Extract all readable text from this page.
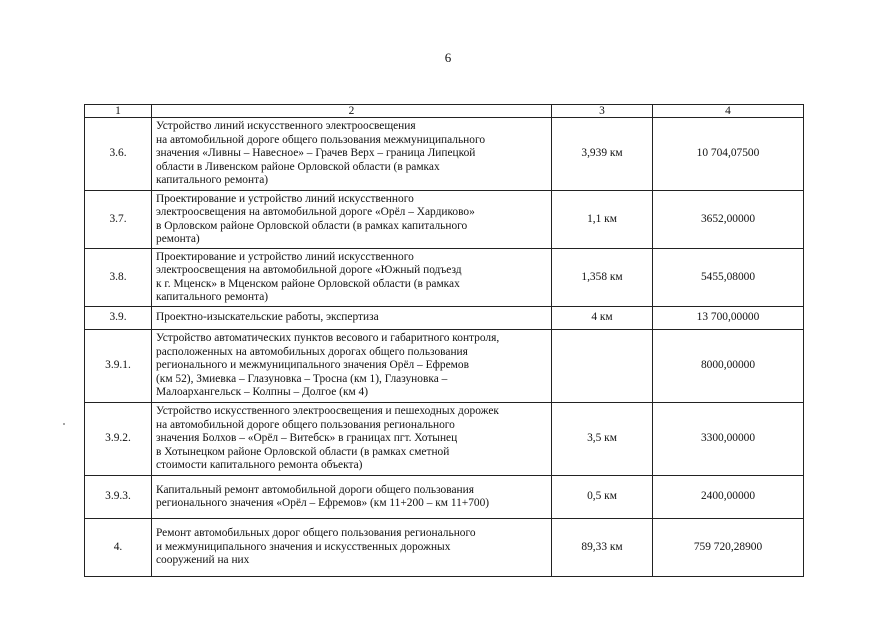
6
1	2	3	4
3.6.	Устройство линий искусственного электроосвещения
на автомобильной дороге общего пользования межмуниципального
значения «Ливны – Навесное» – Грачев Верх – граница Липецкой
области в Ливенском районе Орловской области (в рамках
капитального ремонта)	3,939 км	10 704,07500
3.7.	Проектирование и устройство линий искусственного
электроосвещения на автомобильной дороге «Орёл – Хардиково»
в Орловском районе Орловской области (в рамках капитального
ремонта)	1,1 км	3652,00000
3.8.	Проектирование и устройство линий искусственного
электроосвещения на автомобильной дороге «Южный подъезд
к г. Мценск» в Мценском районе Орловской области (в рамках
капитального ремонта)	1,358 км	5455,08000
3.9.	Проектно-изыскательские работы, экспертиза	4 км	13 700,00000
3.9.1.	Устройство автоматических пунктов весового и габаритного контроля,
расположенных на автомобильных дорогах общего пользования
регионального и межмуниципального значения Орёл – Ефремов
(км 52), Змиевка – Глазуновка – Тросна (км 1), Глазуновка –
Малоархангельск – Колпны – Долгое (км 4)		8000,00000
3.9.2.	Устройство искусственного электроосвещения и пешеходных дорожек
на автомобильной дороге общего пользования регионального
значения Болхов – «Орёл – Витебск» в границах пгт. Хотынец
в Хотынецком районе Орловской области (в рамках сметной
стоимости капитального ремонта объекта)	3,5 км	3300,00000
3.9.3.	Капитальный ремонт автомобильной дороги общего пользования
регионального значения «Орёл – Ефремов» (км 11+200 – км 11+700)	0,5 км	2400,00000
4.	Ремонт автомобильных дорог общего пользования регионального
и межмуниципального значения и искусственных дорожных
сооружений на них	89,33 км	759 720,28900
